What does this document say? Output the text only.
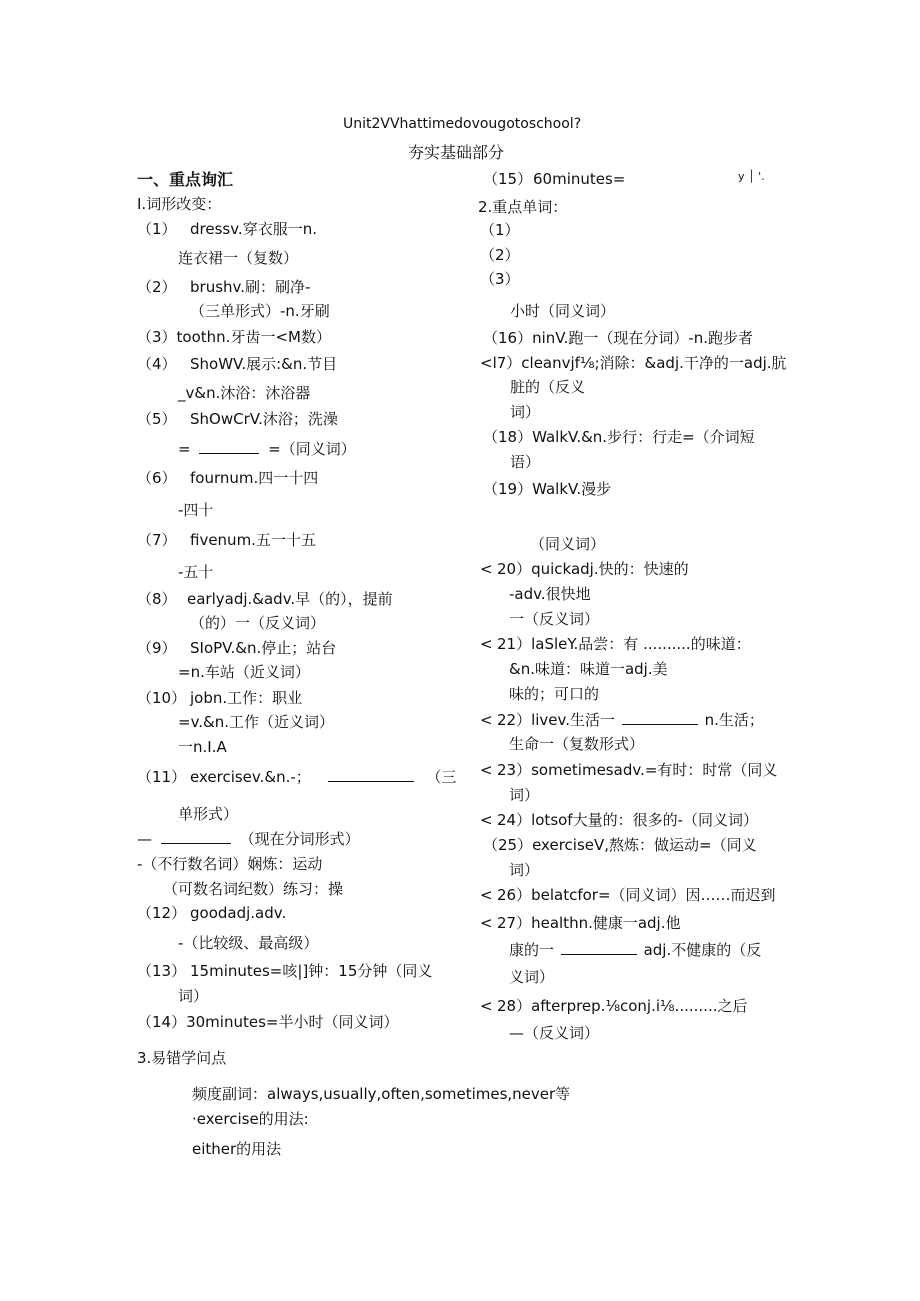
Unit2VVhattimedovougotoschool?
夯实基础部分
一、重点询汇
I.词形改变：
（1） dressv.穿衣服一n.
连衣裙一（复数）
（2） brushv.刷：刷净-
（三单形式）-n.牙刷
（3）toothn.牙齿一<M数）
（4） ShoWV.展示:&n.节目
_v&n.沐浴：沐浴器
（5） ShOwCrV.沐浴；洗澡
=	=（同义词）
（6） fournum.四一十四
-四十
（7） fivenum.五一十五
-五十
（8） earlyadj.&adv.早（的），提前
（的）一（反义词）
（9） SIoPV.&n.停止；站台
=n.车站（近义词）
（10） jobn.工作：职业
=v.&n.工作（近义词）
一n.I.A
（11） exercisev.&n.-；	（三
单形式）
—	（现在分词形式）
-（不行数名词）娴炼：运动
（可数名词纪数）练习：操
（12） goodadj.adv.
-（比较级、最高级）
（13） 15minutes=咳|]钟：15分钟（同义
词）
（14）30minutes=半小时（同义词）
（15） 60minutes=	y │ '.
2.重点单词：
（1）
（2）
（3）
小时（同义词）
（16）ninV.跑一（现在分词）-n.跑步者
<l7）cleanvjf⅛;消除：&adj.干净的一adj.肮
脏的（反义
词）
（18）WalkV.&n.步行：行走=（介词短
语）
（19）WalkV.漫步
（同义词）
< 20）quickadj.快的：快速的
-adv.很快地
一（反义词）
< 21）laSleY.品尝：有 ..........的味道：
&n.味道：味道一adj.美
味的；可口的
< 22）livev.生活一	n.生活；
生命一（复数形式）
< 23）sometimesadv.=有时：时常（同义
词）
< 24）lotsof大量的：很多的-（同义词）
（25）exerciseV,熬炼：做运动=（同义
词）
< 26）belatcfor=（同义词）因……而迟到
< 27）healthn.健康一adj.他
康的一	adj.不健康的（反
义词）
< 28）afterprep.⅛conj.i⅛.........之后
—（反义词）
3.易错学问点
频度副词：always,usually,often,sometimes,never等
·exercise的用法:
either的用法
